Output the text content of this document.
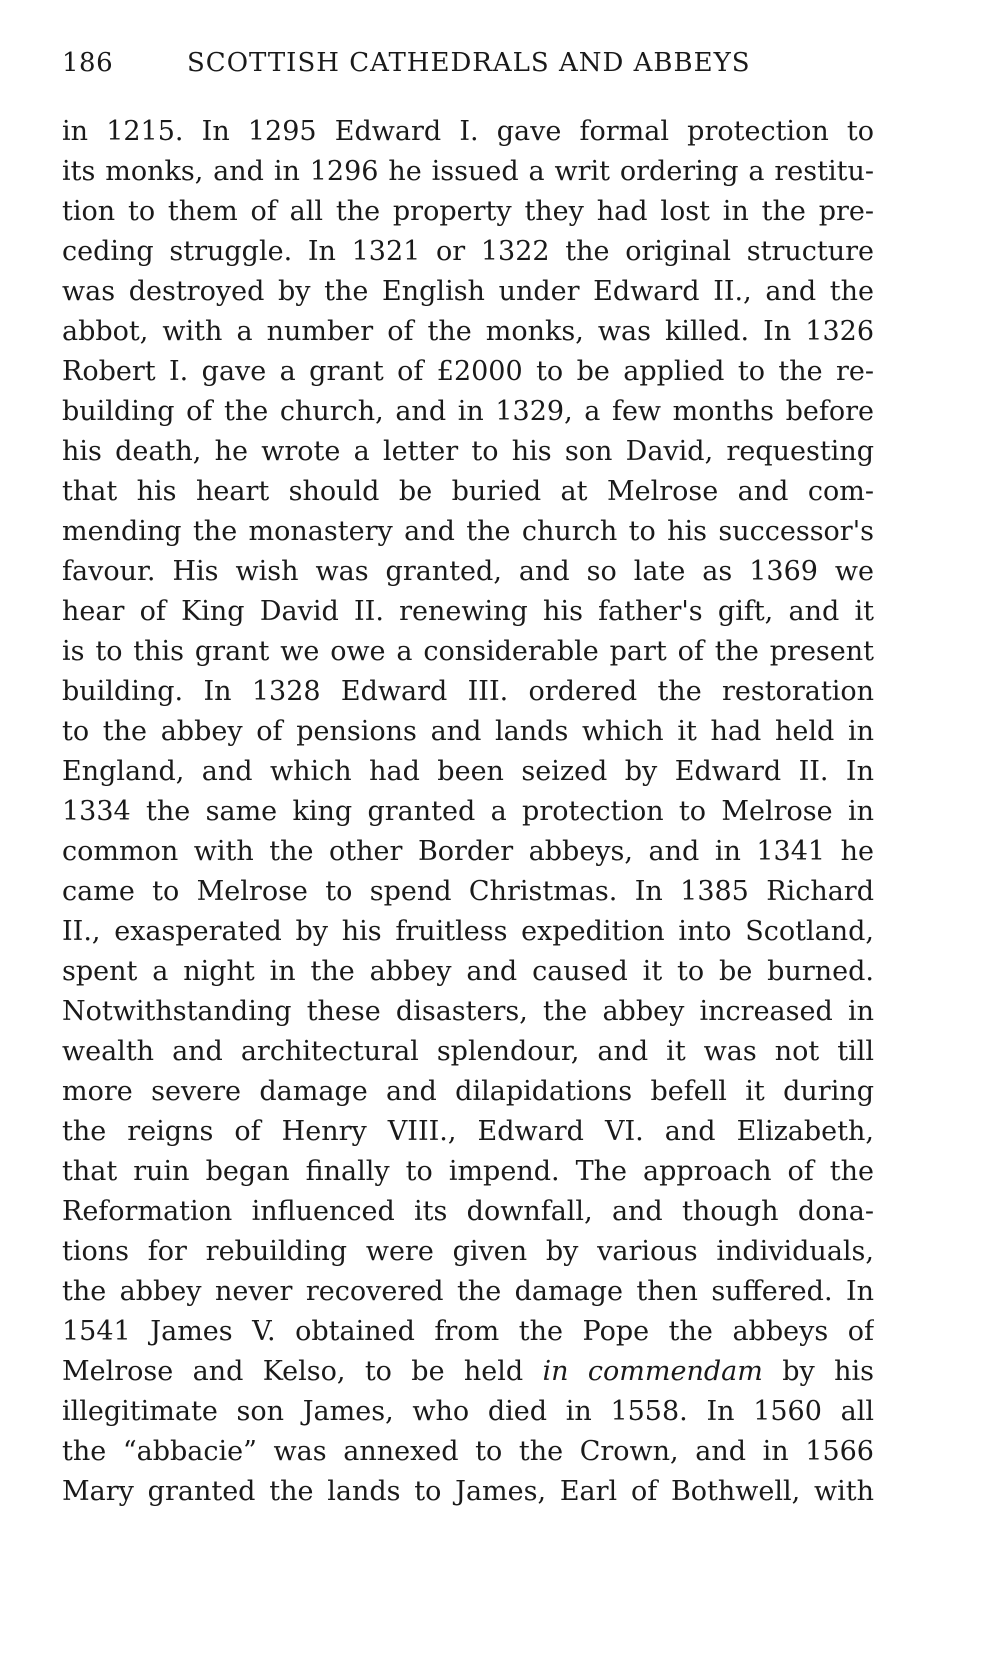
186	SCOTTISH CATHEDRALS AND ABBEYS
in 1215. In 1295 Edward I. gave formal protection to
its monks, and in 1296 he issued a writ ordering a restitu-
tion to them of all the property they had lost in the pre-
ceding struggle. In 1321 or 1322 the original structure
was destroyed by the English under Edward II., and the
abbot, with a number of the monks, was killed. In 1326
Robert I. gave a grant of £2000 to be applied to the re-
building of the church, and in 1329, a few months before
his death, he wrote a letter to his son David, requesting
that his heart should be buried at Melrose and com-
mending the monastery and the church to his successor's
favour. His wish was granted, and so late as 1369 we
hear of King David II. renewing his father's gift, and it
is to this grant we owe a considerable part of the present
building. In 1328 Edward III. ordered the restoration
to the abbey of pensions and lands which it had held in
England, and which had been seized by Edward II. In
1334 the same king granted a protection to Melrose in
common with the other Border abbeys, and in 1341 he
came to Melrose to spend Christmas. In 1385 Richard
II., exasperated by his fruitless expedition into Scotland,
spent a night in the abbey and caused it to be burned.
Notwithstanding these disasters, the abbey increased in
wealth and architectural splendour, and it was not till
more severe damage and dilapidations befell it during
the reigns of Henry VIII., Edward VI. and Elizabeth,
that ruin began finally to impend. The approach of the
Reformation influenced its downfall, and though dona-
tions for rebuilding were given by various individuals,
the abbey never recovered the damage then suffered. In
1541 James V. obtained from the Pope the abbeys of
Melrose and Kelso, to be held in commendam by his
illegitimate son James, who died in 1558. In 1560 all
the “abbacie” was annexed to the Crown, and in 1566
Mary granted the lands to James, Earl of Bothwell, with
